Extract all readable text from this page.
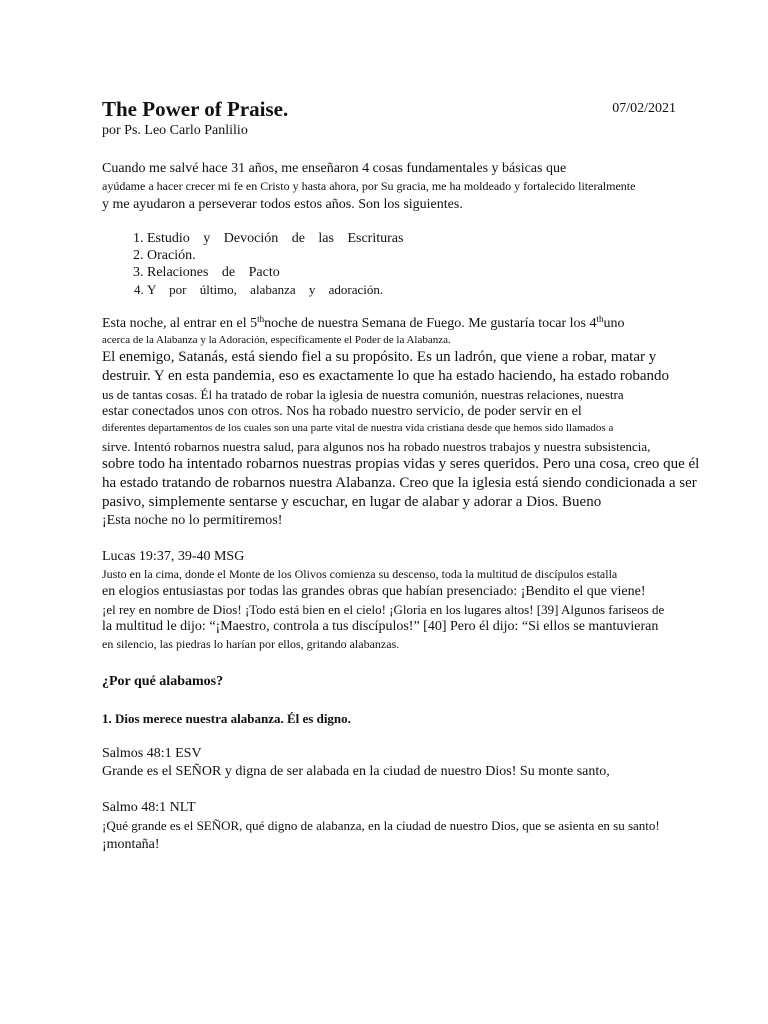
The Power of Praise.	07/02/2021
por Ps. Leo Carlo Panlilio
Cuando me salvé hace 31 años, me enseñaron 4 cosas fundamentales y básicas que
ayúdame a hacer crecer mi fe en Cristo y hasta ahora, por Su gracia, me ha moldeado y fortalecido literalmente
y me ayudaron a perseverar todos estos años. Son los siguientes.
1. Estudio y Devoción de las Escrituras
2. Oración.
3. Relaciones de Pacto
4. Y por último, alabanza y adoración.
Esta noche, al entrar en el 5thnoche de nuestra Semana de Fuego. Me gustaría tocar los 4thuno
acerca de la Alabanza y la Adoración, específicamente el Poder de la Alabanza.
El enemigo, Satanás, está siendo fiel a su propósito. Es un ladrón, que viene a robar, matar y
destruir. Y en esta pandemia, eso es exactamente lo que ha estado haciendo, ha estado robando
us de tantas cosas. Él ha tratado de robar la iglesia de nuestra comunión, nuestras relaciones, nuestra
estar conectados unos con otros. Nos ha robado nuestro servicio, de poder servir en el
diferentes departamentos de los cuales son una parte vital de nuestra vida cristiana desde que hemos sido llamados a
sirve. Intentó robarnos nuestra salud, para algunos nos ha robado nuestros trabajos y nuestra subsistencia,
sobre todo ha intentado robarnos nuestras propias vidas y seres queridos. Pero una cosa, creo que él
ha estado tratando de robarnos nuestra Alabanza. Creo que la iglesia está siendo condicionada a ser
pasivo, simplemente sentarse y escuchar, en lugar de alabar y adorar a Dios. Bueno
¡Esta noche no lo permitiremos!
Lucas 19:37, 39-40 MSG
Justo en la cima, donde el Monte de los Olivos comienza su descenso, toda la multitud de discípulos estalla
en elogios entusiastas por todas las grandes obras que habían presenciado: ¡Bendito el que viene!
¡el rey en nombre de Dios! ¡Todo está bien en el cielo! ¡Gloria en los lugares altos! [39] Algunos fariseos de
la multitud le dijo: “¡Maestro, controla a tus discípulos!” [40] Pero él dijo: “Si ellos se mantuvieran
en silencio, las piedras lo harían por ellos, gritando alabanzas.
¿Por qué alabamos?
1. Dios merece nuestra alabanza. Él es digno.
Salmos 48:1 ESV
Grande es el SEÑOR y digna de ser alabada en la ciudad de nuestro Dios! Su monte santo,
Salmo 48:1 NLT
¡Qué grande es el SEÑOR, qué digno de alabanza, en la ciudad de nuestro Dios, que se asienta en su santo!
¡montaña!
